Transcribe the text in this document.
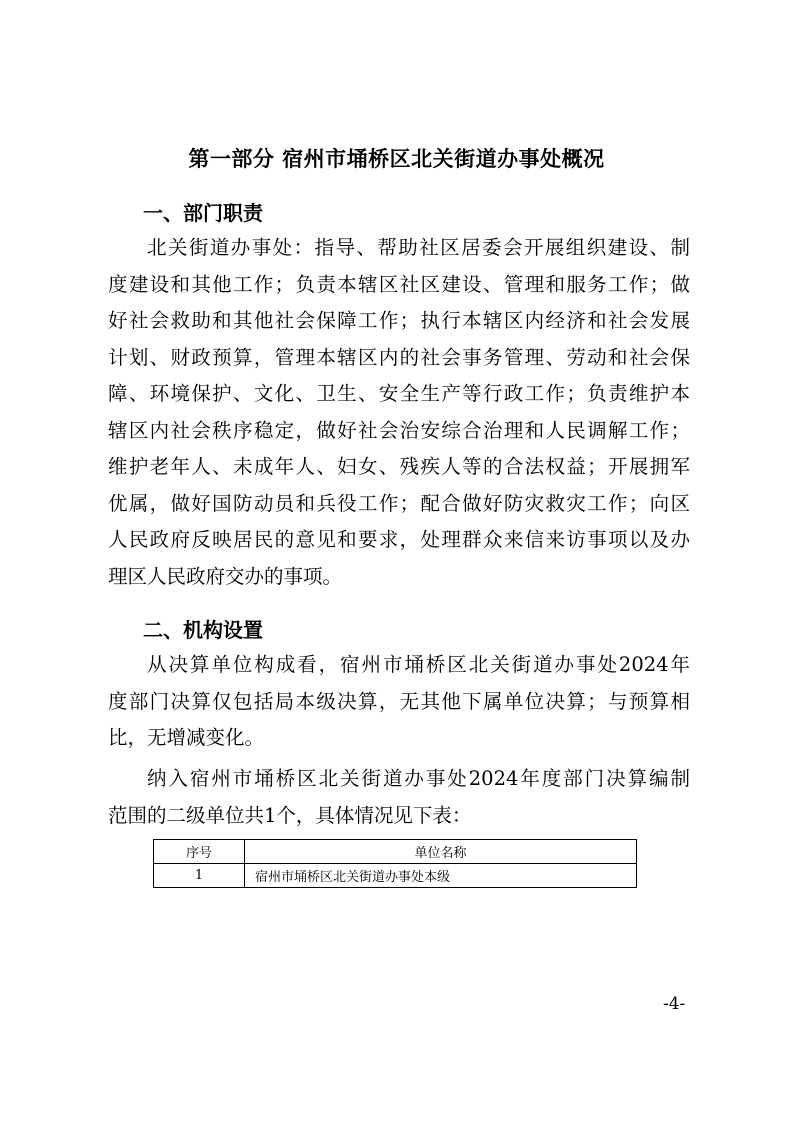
第一部分 宿州市埇桥区北关街道办事处概况
一、部门职责
北关街道办事处：指导、帮助社区居委会开展组织建设、制
度建设和其他工作；负责本辖区社区建设、管理和服务工作；做
好社会救助和其他社会保障工作；执行本辖区内经济和社会发展
计划、财政预算，管理本辖区内的社会事务管理、劳动和社会保
障、环境保护、文化、卫生、安全生产等行政工作；负责维护本
辖区内社会秩序稳定，做好社会治安综合治理和人民调解工作；
维护老年人、未成年人、妇女、残疾人等的合法权益；开展拥军
优属，做好国防动员和兵役工作；配合做好防灾救灾工作；向区
人民政府反映居民的意见和要求，处理群众来信来访事项以及办
理区人民政府交办的事项。
二、机构设置
从决算单位构成看，宿州市埇桥区北关街道办事处2024年
度部门决算仅包括局本级决算，无其他下属单位决算；与预算相
比，无增减变化。
纳入宿州市埇桥区北关街道办事处2024年度部门决算编制
范围的二级单位共1个，具体情况见下表：
序号	单位名称
1	宿州市埇桥区北关街道办事处本级
-4-
